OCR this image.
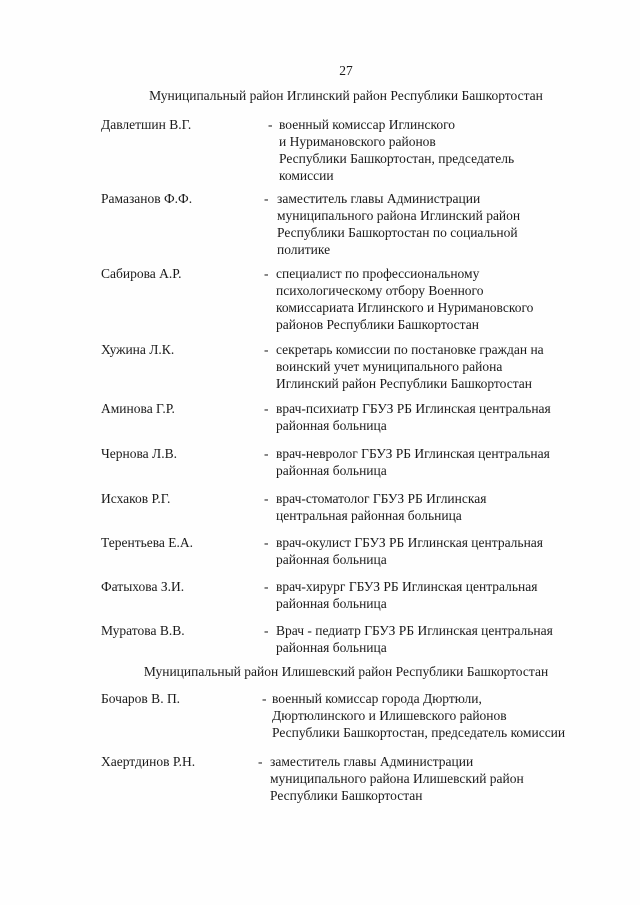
27
Муниципальный район Иглинский район Республики Башкортостан
Давлетшин В.Г.	- военный комиссар Иглинского
и Нуримановского районов
Республики Башкортостан, председатель
комиссии
Рамазанов Ф.Ф.	- заместитель главы Администрации
муниципального района Иглинский район
Республики Башкортостан по социальной
политике
Сабирова А.Р.	- специалист по профессиональному
психологическому отбору Военного
комиссариата Иглинского и Нуримановского
районов Республики Башкортостан
Хужина Л.К.	- секретарь комиссии по постановке граждан на
воинский учет муниципального района
Иглинский район Республики Башкортостан
Аминова Г.Р.	- врач-психиатр ГБУЗ РБ Иглинская центральная
районная больница
Чернова Л.В.	- врач-невролог ГБУЗ РБ Иглинская центральная
районная больница
Исхаков Р.Г.	- врач-стоматолог ГБУЗ РБ Иглинская
центральная районная больница
Терентьева Е.А.	- врач-окулист ГБУЗ РБ Иглинская центральная
районная больница
Фатыхова З.И.	- врач-хирург ГБУЗ РБ Иглинская центральная
районная больница
Муратова В.В.	- Врач - педиатр ГБУЗ РБ Иглинская центральная
районная больница
Муниципальный район Илишевский район Республики Башкортостан
Бочаров В. П.	- военный комиссар города Дюртюли,
Дюртюлинского и Илишевского районов
Республики Башкортостан, председатель комиссии
Хаертдинов Р.Н.	- заместитель главы Администрации
муниципального района Илишевский район
Республики Башкортостан
